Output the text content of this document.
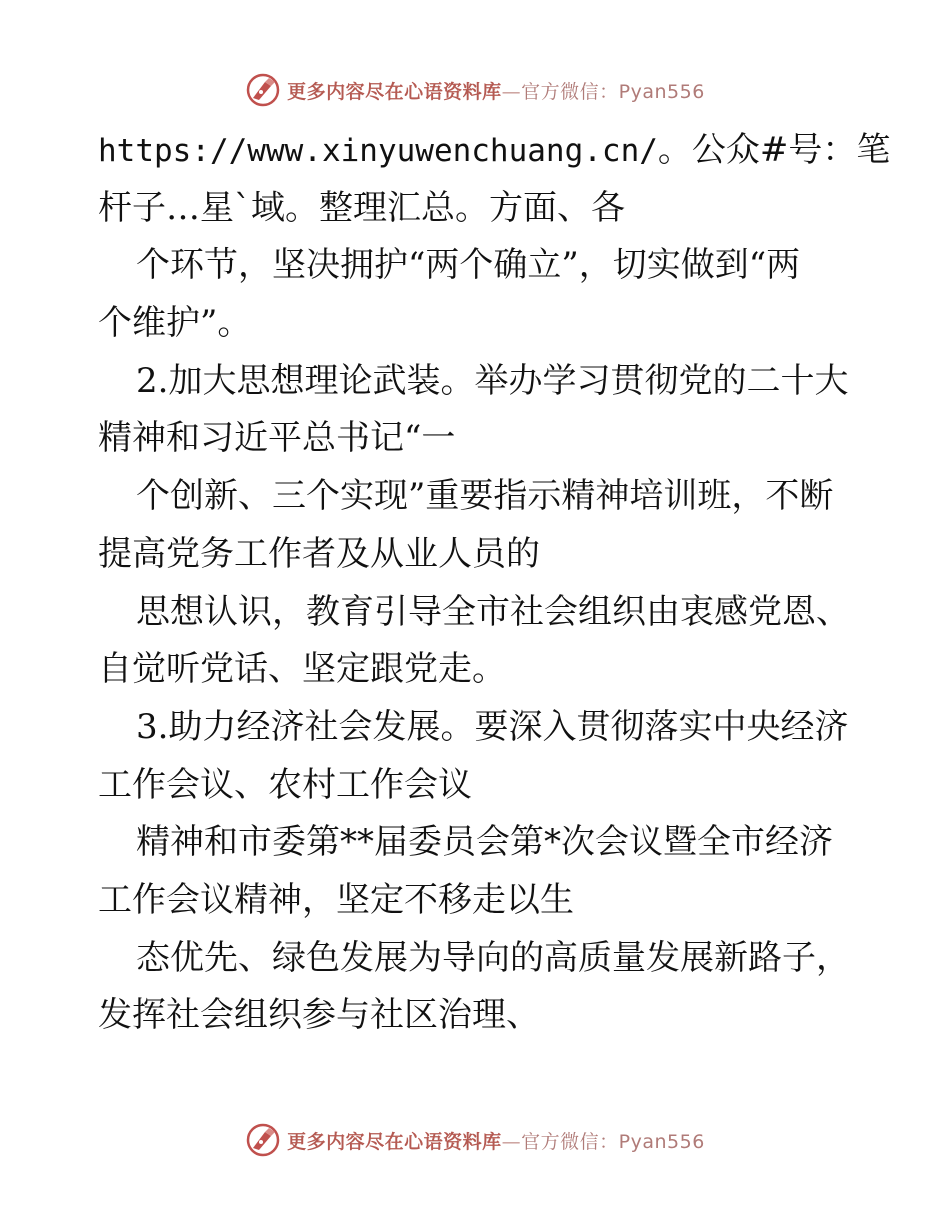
更多内容尽在心语资料库—官方微信：Pyan556
https://www.xinyuwenchuang.cn/。公众#号：笔
杆子…星`域。整理汇总。方面、各
个环节，坚决拥护“两个确立”，切实做到“两
个维护”。
2.加大思想理论武装。举办学习贯彻党的二十大
精神和习近平总书记“一
个创新、三个实现”重要指示精神培训班，不断
提高党务工作者及从业人员的
思想认识，教育引导全市社会组织由衷感党恩、
自觉听党话、坚定跟党走。
3.助力经济社会发展。要深入贯彻落实中央经济
工作会议、农村工作会议
精神和市委第**届委员会第*次会议暨全市经济
工作会议精神，坚定不移走以生
态优先、绿色发展为导向的高质量发展新路子，
发挥社会组织参与社区治理、
更多内容尽在心语资料库—官方微信：Pyan556
